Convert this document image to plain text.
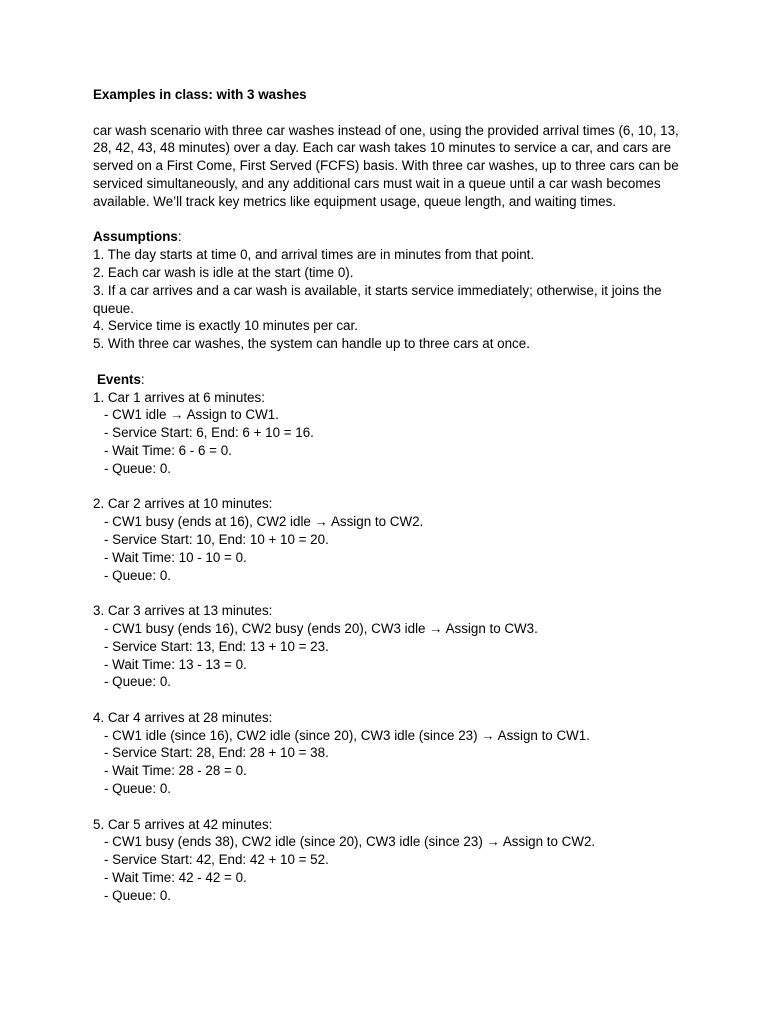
Examples in class: with 3 washes

car wash scenario with three car washes instead of one, using the provided arrival times (6, 10, 13, 28, 42, 43, 48 minutes) over a day. Each car wash takes 10 minutes to service a car, and cars are served on a First Come, First Served (FCFS) basis. With three car washes, up to three cars can be serviced simultaneously, and any additional cars must wait in a queue until a car wash becomes available. We’ll track key metrics like equipment usage, queue length, and waiting times.

Assumptions:

1. The day starts at time 0, and arrival times are in minutes from that point.
2. Each car wash is idle at the start (time 0).
3. If a car arrives and a car wash is available, it starts service immediately; otherwise, it joins the queue.
4. Service time is exactly 10 minutes per car.
5. With three car washes, the system can handle up to three cars at once.

Events:

1. Car 1 arrives at 6 minutes:

- CW1 idle → Assign to CW1.
- Service Start: 6, End: 6 + 10 = 16.
- Wait Time: 6 - 6 = 0.
- Queue: 0.

2. Car 2 arrives at 10 minutes:

- CW1 busy (ends at 16), CW2 idle → Assign to CW2.
- Service Start: 10, End: 10 + 10 = 20.
- Wait Time: 10 - 10 = 0.
- Queue: 0.

3. Car 3 arrives at 13 minutes:

- CW1 busy (ends 16), CW2 busy (ends 20), CW3 idle → Assign to CW3.
- Service Start: 13, End: 13 + 10 = 23.
- Wait Time: 13 - 13 = 0.
- Queue: 0.

4. Car 4 arrives at 28 minutes:

- CW1 idle (since 16), CW2 idle (since 20), CW3 idle (since 23) → Assign to CW1.
- Service Start: 28, End: 28 + 10 = 38.
- Wait Time: 28 - 28 = 0.
- Queue: 0.

5. Car 5 arrives at 42 minutes:

- CW1 busy (ends 38), CW2 idle (since 20), CW3 idle (since 23) → Assign to CW2.
- Service Start: 42, End: 42 + 10 = 52.
- Wait Time: 42 - 42 = 0.
- Queue: 0.
